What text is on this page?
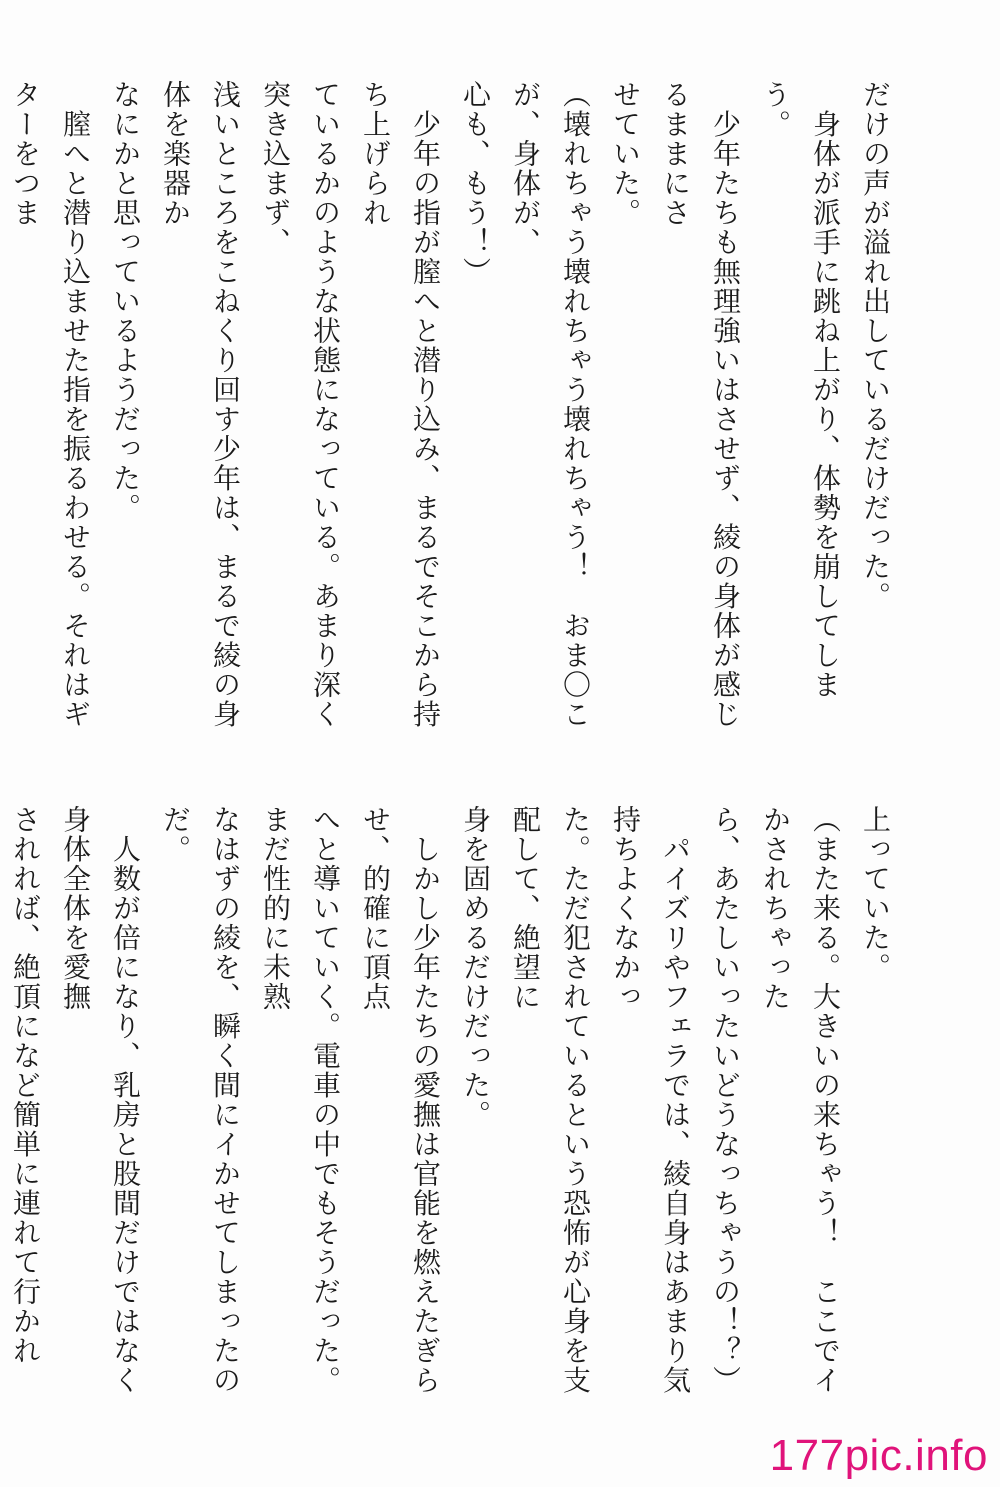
だけの声が溢れ出しているだけだった。

　身体が派手に跳ね上がり、体勢を崩してしまう。

　少年たちも無理強いはさせず、綾の身体が感じるままにさ

せていた。

（壊れちゃう壊れちゃう壊れちゃう！　おま〇こが、身体が、

心も、もう！）

　少年の指が膣へと潜り込み、まるでそこから持ち上げられ

ているかのような状態になっている。あまり深く突き込まず、

浅いところをこねくり回す少年は、まるで綾の身体を楽器か

なにかと思っているようだった。

　膣へと潜り込ませた指を振るわせる。それはギターをつま

上っていた。

（また来る。大きいの来ちゃう！　ここでイかされちゃった

ら、あたしいったいどうなっちゃうの！？）

　パイズリやフェラでは、綾自身はあまり気持ちよくなかっ

た。ただ犯されているという恐怖が心身を支配して、絶望に

身を固めるだけだった。

　しかし少年たちの愛撫は官能を燃えたぎらせ、的確に頂点

へと導いていく。電車の中でもそうだった。まだ性的に未熟

なはずの綾を、瞬く間にイかせてしまったのだ。

　人数が倍になり、乳房と股間だけではなく身体全体を愛撫

されれば、絶頂になど簡単に連れて行かれ

177pic.info
